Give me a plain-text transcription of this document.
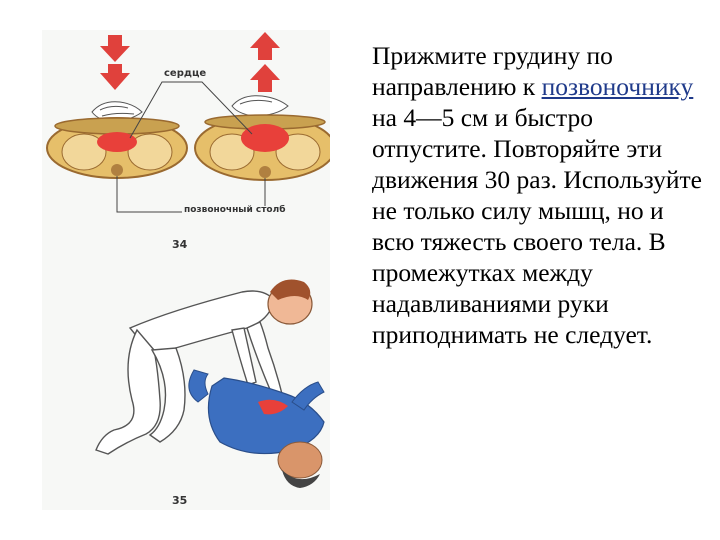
сердце
позвоночный столб
34
35
Прижмите грудину по направлению к позвоночнику на 4—5 см и быстро отпустите. Повторяйте эти движения 30 раз. Используйте не только силу мышц, но и всю тяжесть своего тела. В промежутках между надавливаниями руки приподнимать не следует.
